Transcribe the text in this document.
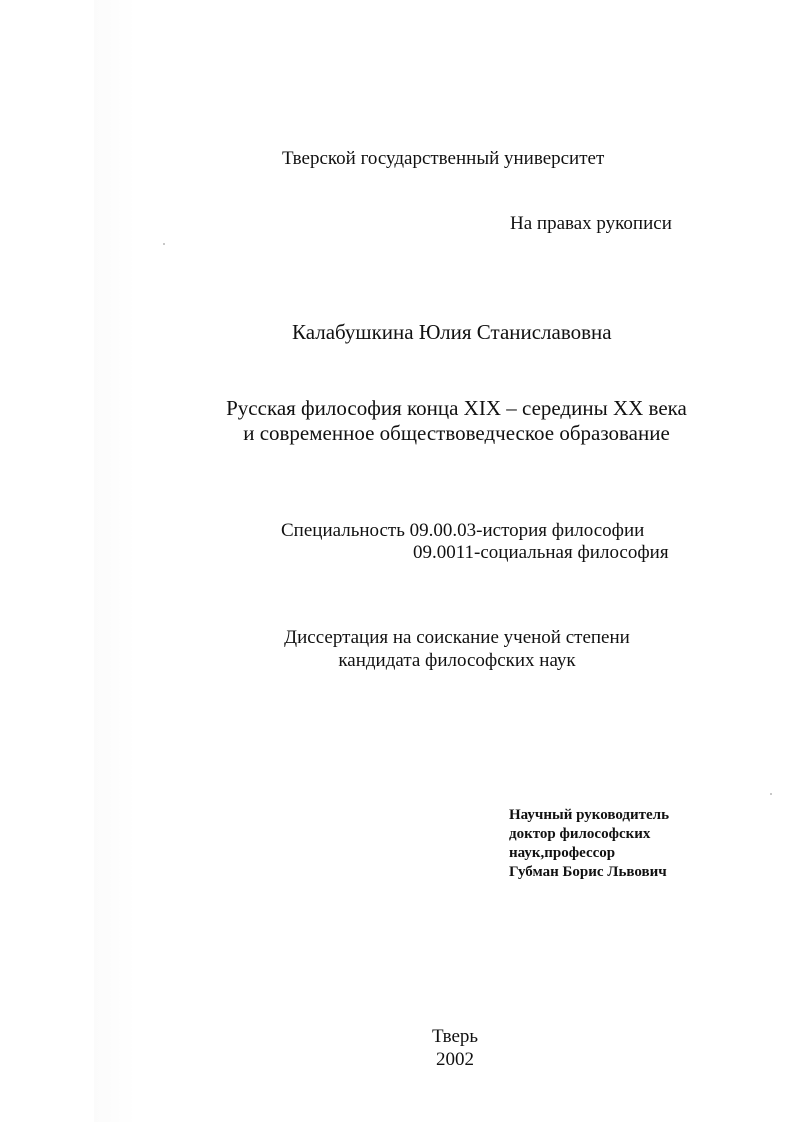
Тверской государственный университет
На правах рукописи
Калабушкина Юлия Станиславовна
Русская философия конца XIX – середины XX века
и современное обществоведческое образование
Специальность 09.00.03-история философии
09.0011-социальная философия
Диссертация на соискание ученой степени
кандидата философских наук
Научный руководитель
доктор философских
наук,профессор
Губман Борис Львович
Тверь
2002
